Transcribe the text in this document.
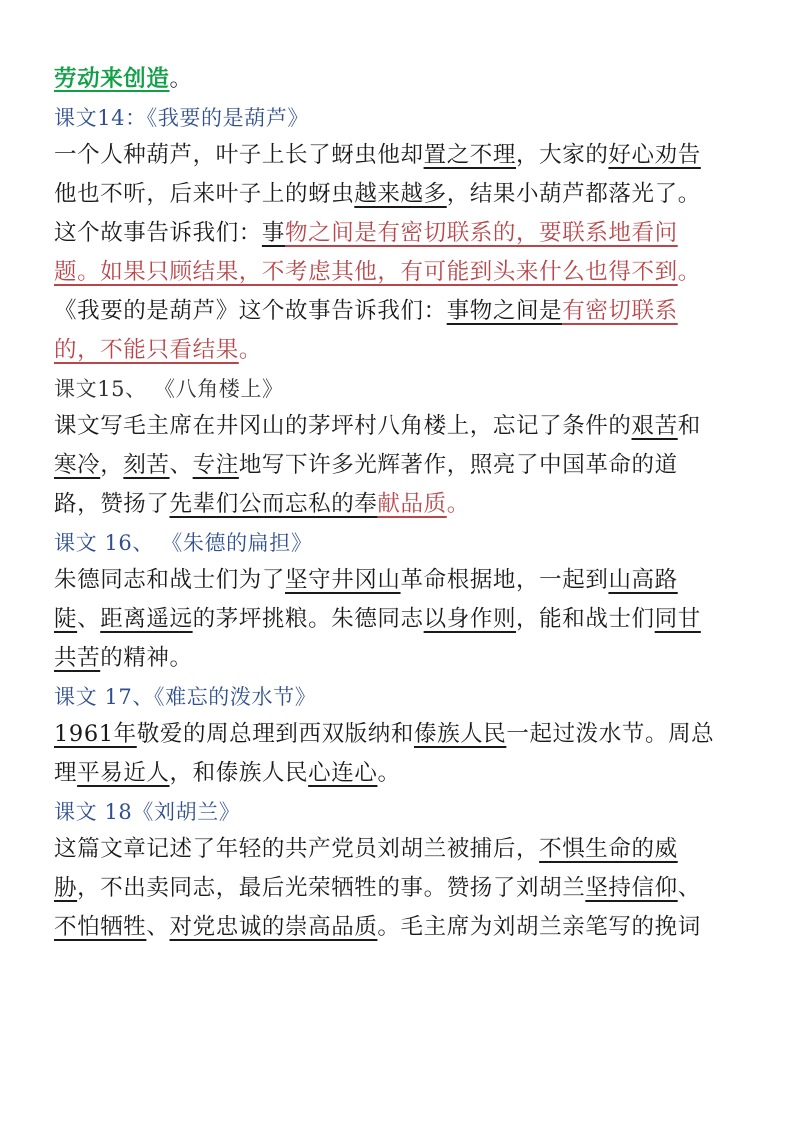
劳动来创造。
课文14：《我要的是葫芦》
一个人种葫芦，叶子上长了蚜虫他却置之不理，大家的好心劝告
他也不听，后来叶子上的蚜虫越来越多，结果小葫芦都落光了。
这个故事告诉我们：事物之间是有密切联系的，要联系地看问
题。如果只顾结果，不考虑其他，有可能到头来什么也得不到。
《我要的是葫芦》这个故事告诉我们：事物之间是有密切联系
的，不能只看结果。
课文15、 《八角楼上》
课文写毛主席在井冈山的茅坪村八角楼上，忘记了条件的艰苦和
寒冷，刻苦、专注地写下许多光辉著作，照亮了中国革命的道
路，赞扬了先辈们公而忘私的奉献品质。
课文 16、 《朱德的扁担》
朱德同志和战士们为了坚守井冈山革命根据地，一起到山高路
陡、距离遥远的茅坪挑粮。朱德同志以身作则，能和战士们同甘
共苦的精神。
课文 17、《难忘的泼水节》
1961年敬爱的周总理到西双版纳和傣族人民一起过泼水节。周总
理平易近人，和傣族人民心连心。
课文 18《刘胡兰》
这篇文章记述了年轻的共产党员刘胡兰被捕后，不惧生命的威
胁，不出卖同志，最后光荣牺牲的事。赞扬了刘胡兰坚持信仰、
不怕牺牲、对党忠诚的崇高品质。毛主席为刘胡兰亲笔写的挽词
